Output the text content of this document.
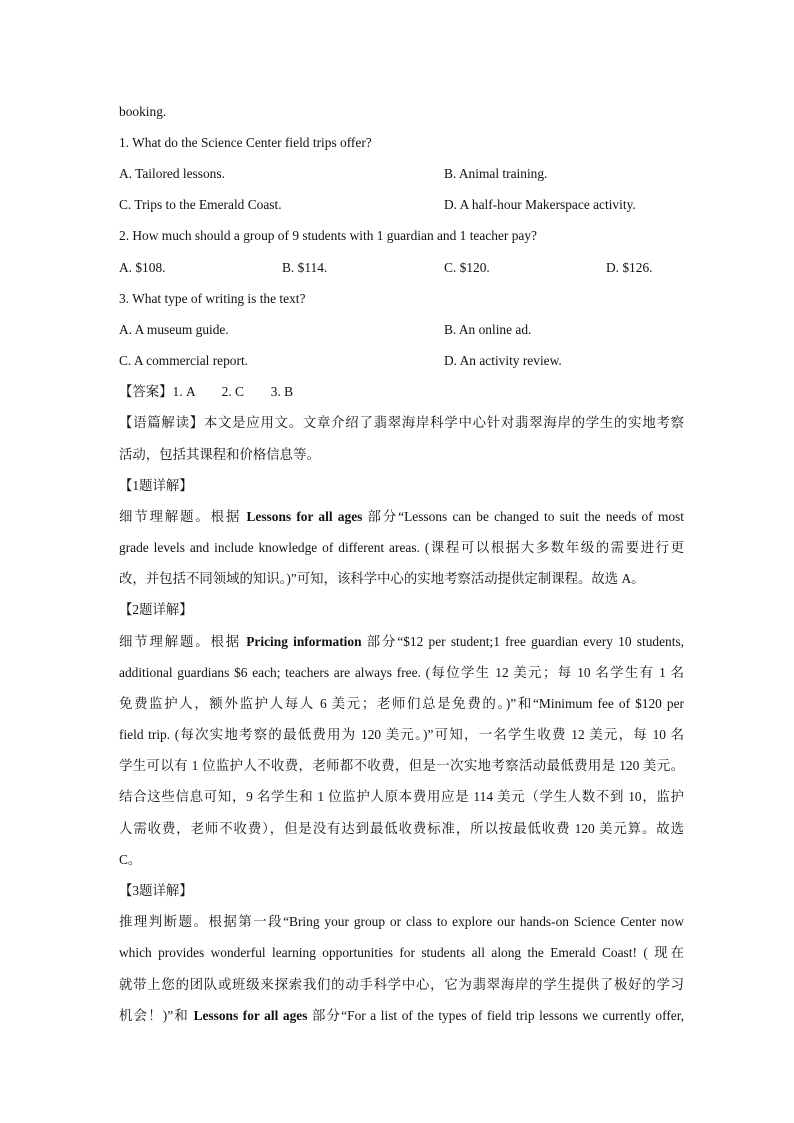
booking.
1. What do the Science Center field trips offer?
A. Tailored lessons.	B. Animal training.
C. Trips to the Emerald Coast.	D. A half-hour Makerspace activity.
2. How much should a group of 9 students with 1 guardian and 1 teacher pay?
A. $108.	B. $114.	C. $120.	D. $126.
3. What type of writing is the text?
A. A museum guide.	B. An online ad.
C. A commercial report.	D. An activity review.
【答案】1. A        2. C        3. B
【语篇解读】本文是应用文。文章介绍了翡翠海岸科学中心针对翡翠海岸的学生的实地考察
活动，包括其课程和价格信息等。
【1题详解】
细节理解题。根据 Lessons for all ages 部分“Lessons can be changed to suit the needs of most
grade levels and include knowledge of different areas. (课程可以根据大多数年级的需要进行更
改，并包括不同领域的知识。)”可知，该科学中心的实地考察活动提供定制课程。故选 A。
【2题详解】
细节理解题。根据 Pricing information 部分“$12 per student;1 free guardian every 10 students,
additional guardians $6 each; teachers are always free. (每位学生 12 美元；每 10 名学生有 1 名
免费监护人，额外监护人每人 6 美元；老师们总是免费的。)”和“Minimum fee of $120 per
field trip. (每次实地考察的最低费用为 120 美元。)”可知，一名学生收费 12 美元，每 10 名
学生可以有 1 位监护人不收费，老师都不收费，但是一次实地考察活动最低费用是 120 美元。
结合这些信息可知，9 名学生和 1 位监护人原本费用应是 114 美元（学生人数不到 10，监护
人需收费，老师不收费），但是没有达到最低收费标准，所以按最低收费 120 美元算。故选
C。
【3题详解】
推理判断题。根据第一段“Bring your group or class to explore our hands-on Science Center now
which provides wonderful learning opportunities for students all along the Emerald Coast! ( 现在
就带上您的团队或班级来探索我们的动手科学中心，它为翡翠海岸的学生提供了极好的学习
机会！)”和 Lessons for all ages 部分“For a list of the types of field trip lessons we currently offer,
